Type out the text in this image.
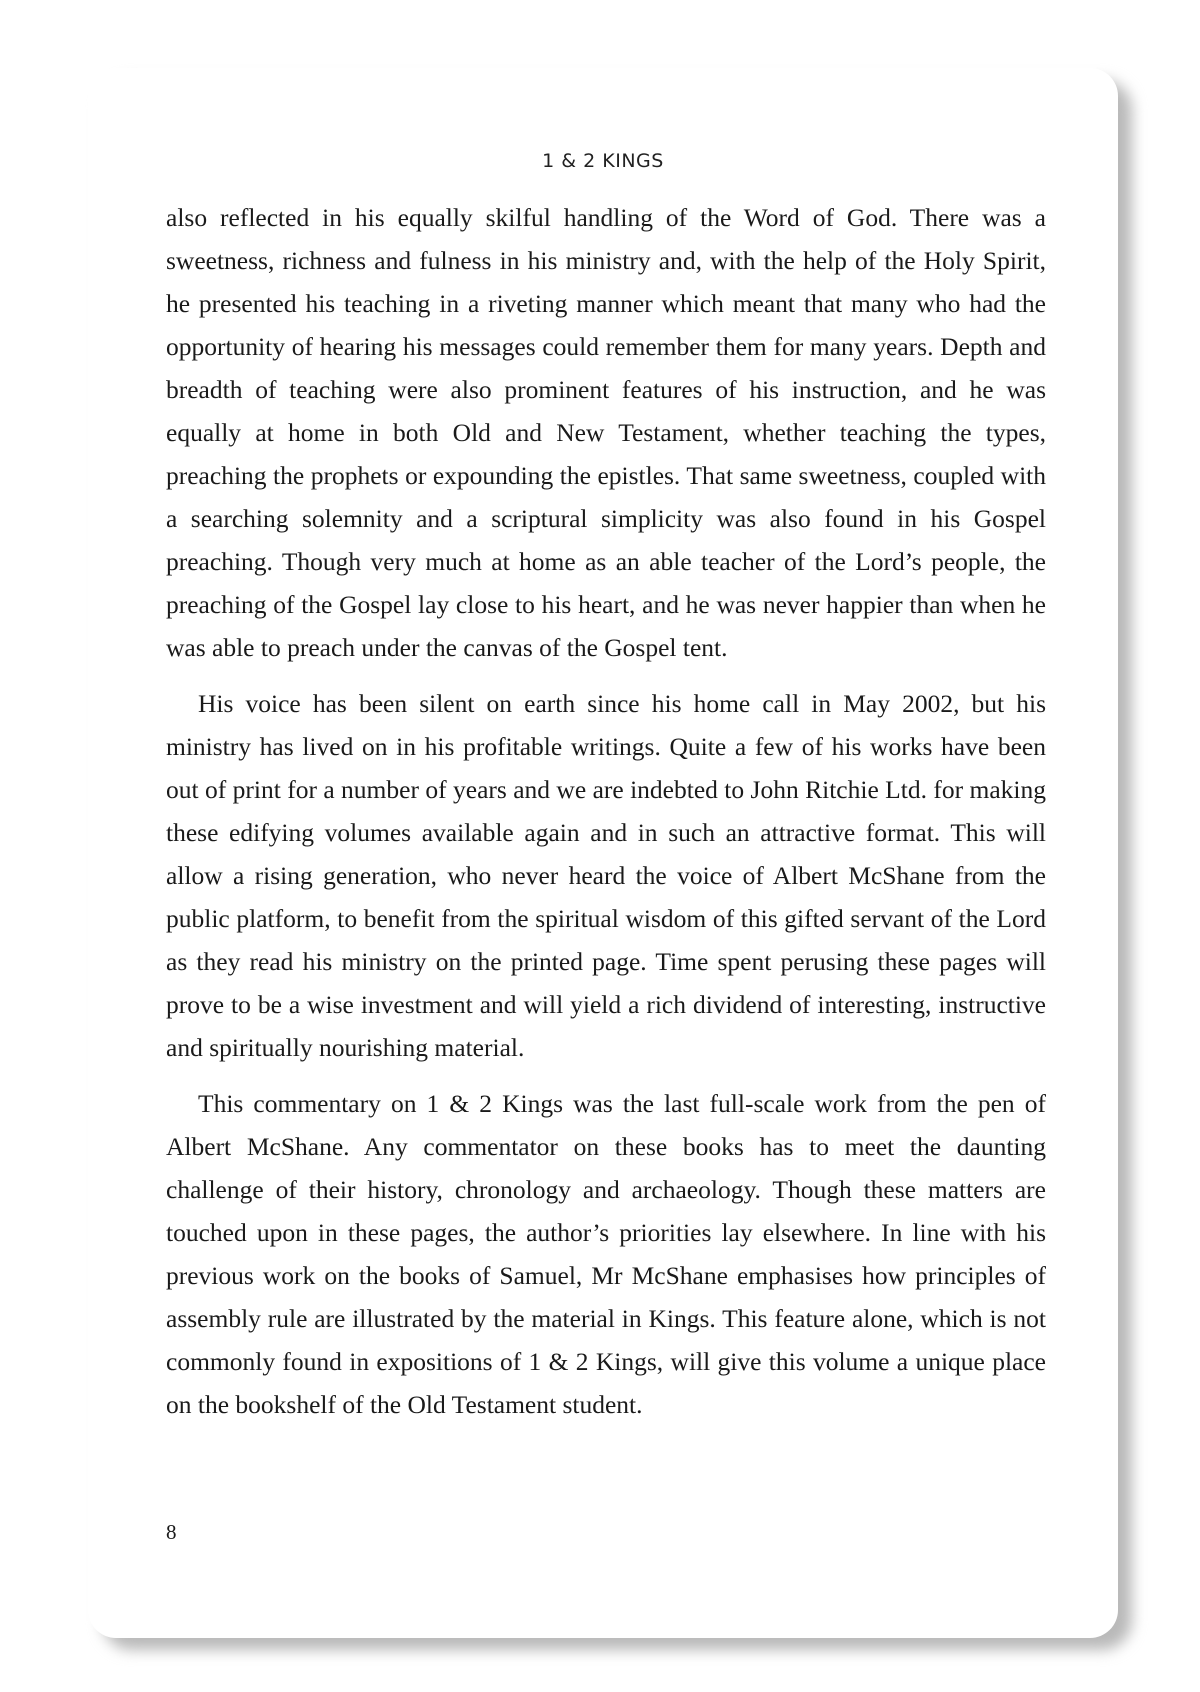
1 & 2 KINGS

also reflected in his equally skilful handling of the Word of God. There was a sweetness, richness and fulness in his ministry and, with the help of the Holy Spirit, he presented his teaching in a riveting manner which meant that many who had the opportunity of hearing his messages could remember them for many years. Depth and breadth of teaching were also prominent features of his instruction, and he was equally at home in both Old and New Testament, whether teaching the types, preaching the prophets or expounding the epistles. That same sweetness, coupled with a searching solemnity and a scriptural simplicity was also found in his Gospel preaching. Though very much at home as an able teacher of the Lord’s people, the preaching of the Gospel lay close to his heart, and he was never happier than when he was able to preach under the canvas of the Gospel tent.

His voice has been silent on earth since his home call in May 2002, but his ministry has lived on in his profitable writings. Quite a few of his works have been out of print for a number of years and we are indebted to John Ritchie Ltd. for making these edifying volumes available again and in such an attractive format. This will allow a rising generation, who never heard the voice of Albert McShane from the public platform, to benefit from the spiritual wisdom of this gifted servant of the Lord as they read his ministry on the printed page. Time spent perusing these pages will prove to be a wise investment and will yield a rich dividend of interesting, instructive and spiritually nourishing material.

This commentary on 1 & 2 Kings was the last full-scale work from the pen of Albert McShane. Any commentator on these books has to meet the daunting challenge of their history, chronology and archaeology. Though these matters are touched upon in these pages, the author’s priorities lay elsewhere. In line with his previous work on the books of Samuel, Mr McShane emphasises how principles of assembly rule are illustrated by the material in Kings. This feature alone, which is not commonly found in expositions of 1 & 2 Kings, will give this volume a unique place on the bookshelf of the Old Testament student.

8
